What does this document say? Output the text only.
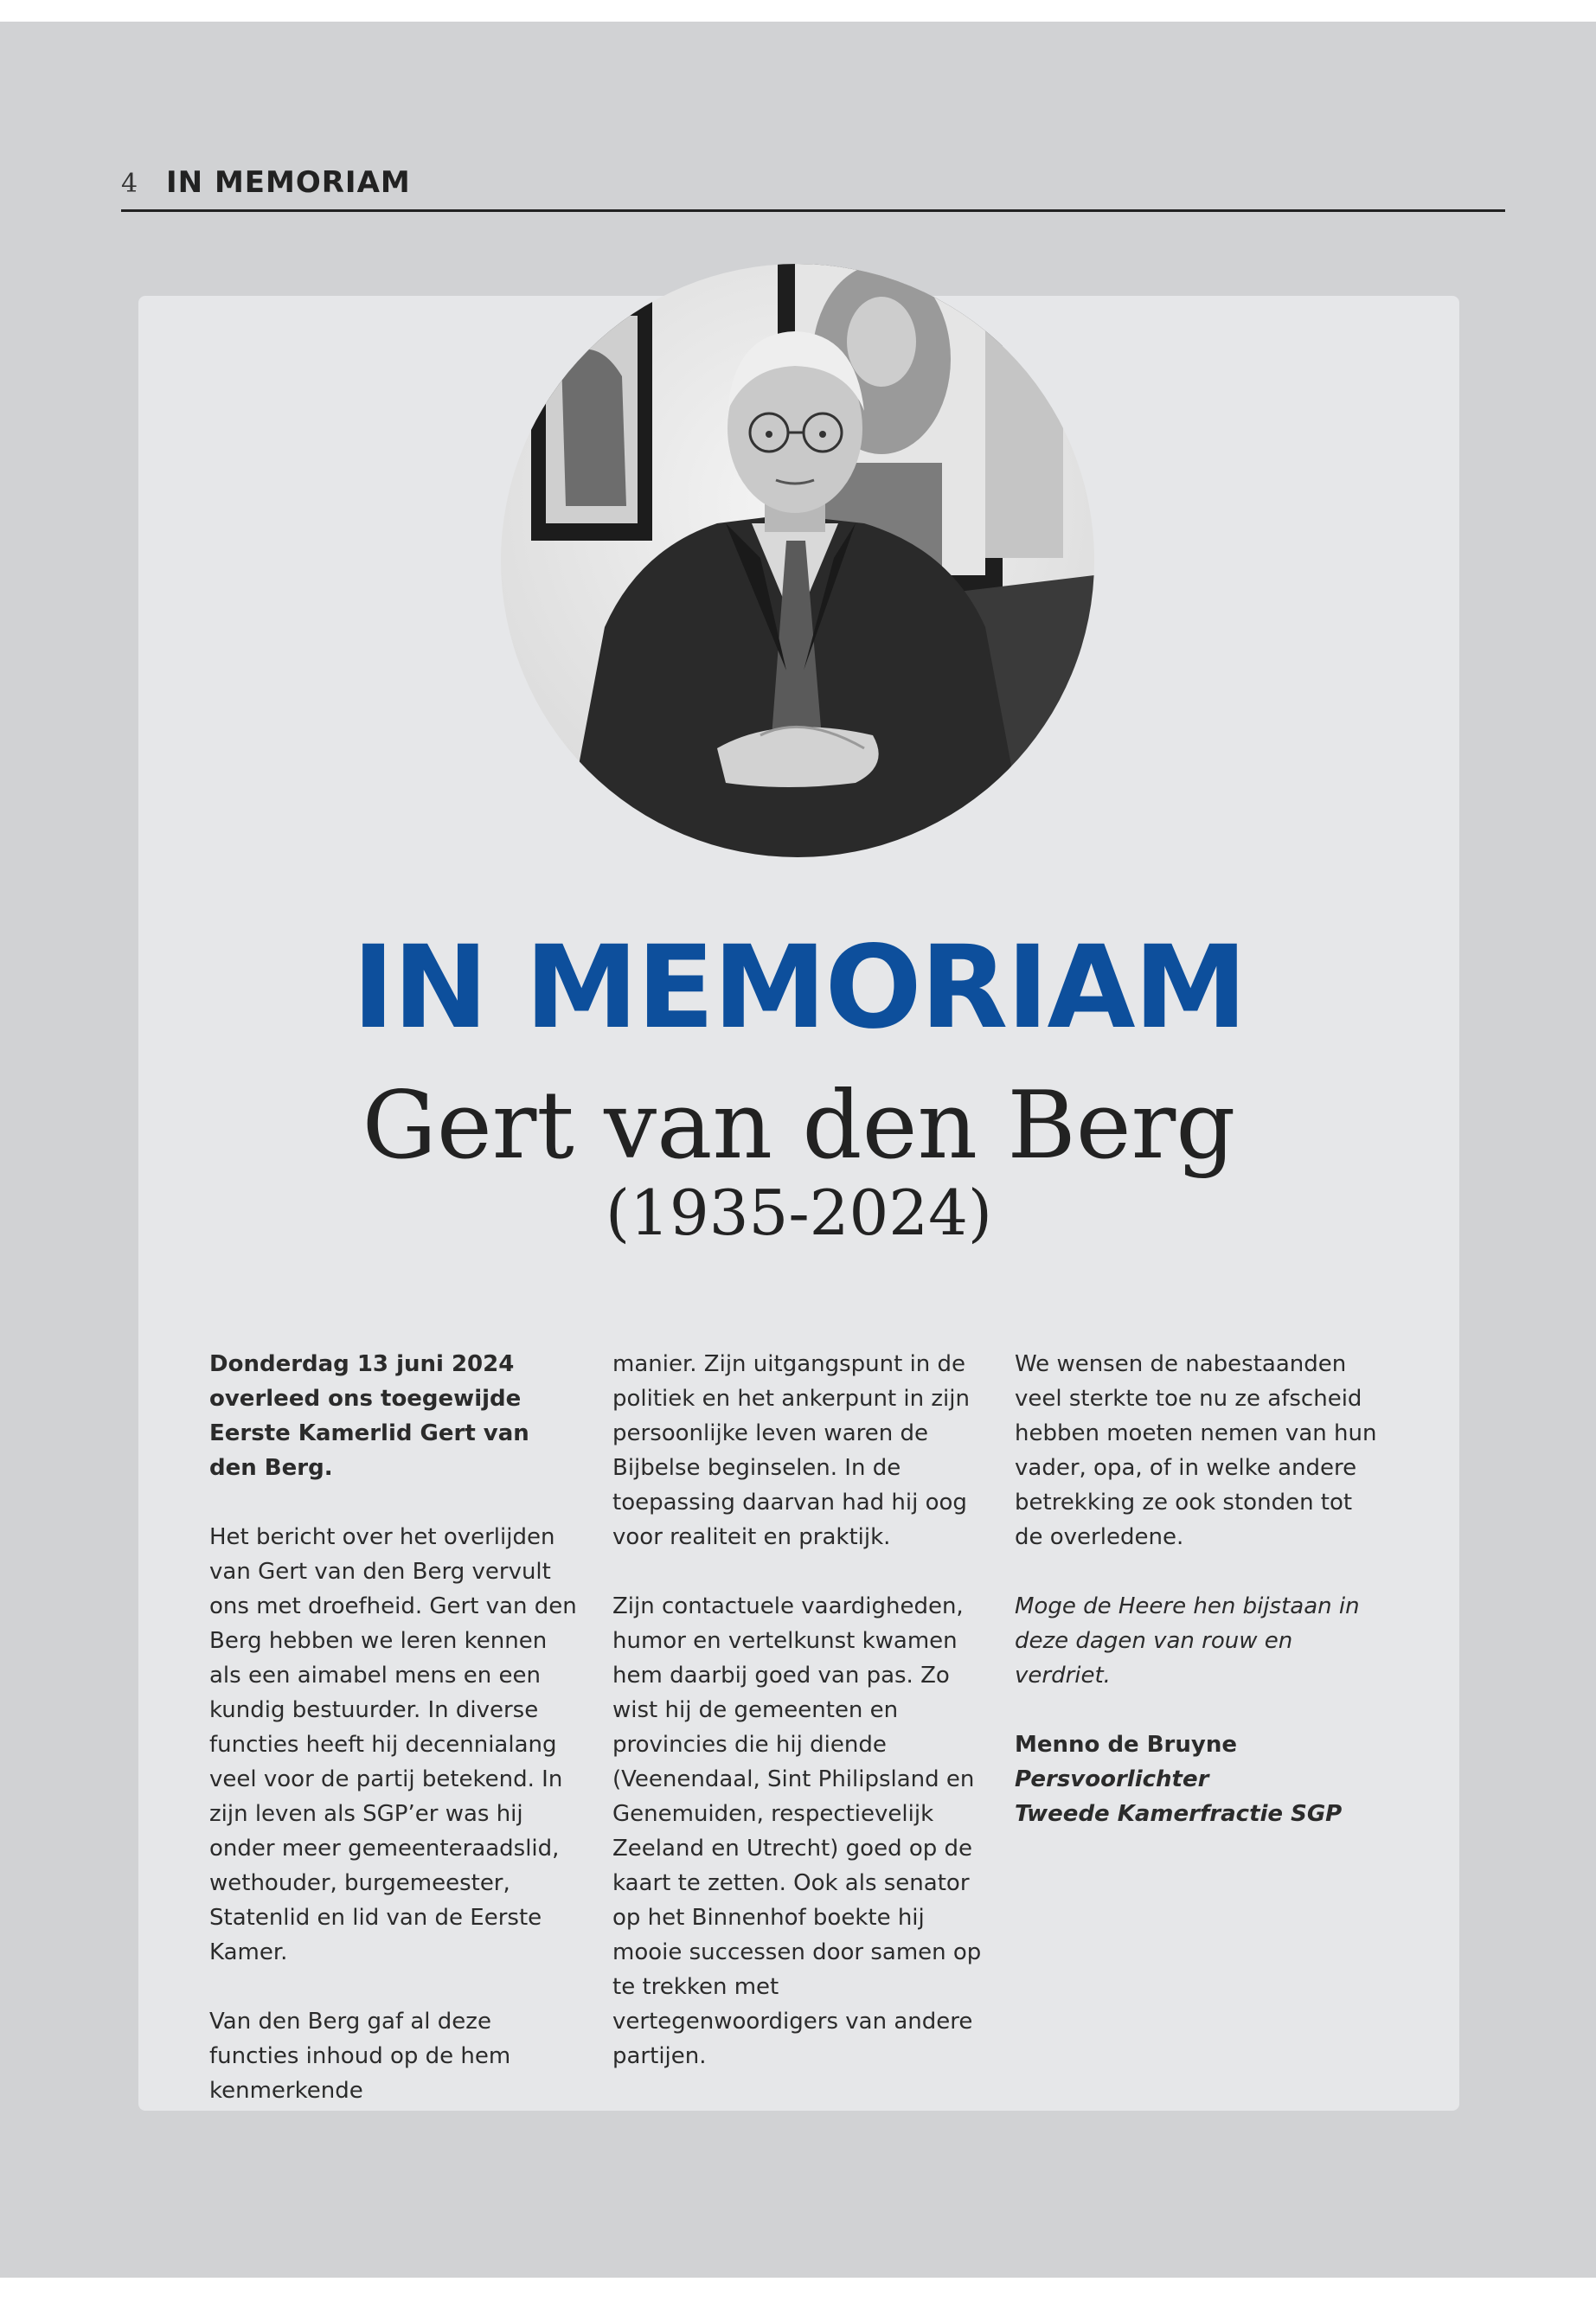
4 IN MEMORIAM
IN MEMORIAM
Gert van den Berg
(1935-2024)

Donderdag 13 juni 2024 overleed ons toegewijde Eerste Kamerlid Gert van den Berg.

Het bericht over het overlijden van Gert van den Berg vervult ons met droefheid. Gert van den Berg hebben we leren kennen als een aimabel mens en een kundig bestuurder. In diverse functies heeft hij decennialang veel voor de partij betekend. In zijn leven als SGP’er was hij onder meer gemeenteraadslid, wethouder, burgemeester, Statenlid en lid van de Eerste Kamer.

Van den Berg gaf al deze functies inhoud op de hem kenmerkende

manier. Zijn uitgangspunt in de politiek en het ankerpunt in zijn persoonlijke leven waren de Bijbelse beginselen. In de toepassing daarvan had hij oog voor realiteit en praktijk.

Zijn contactuele vaardigheden, humor en vertelkunst kwamen hem daarbij goed van pas. Zo wist hij de gemeenten en provincies die hij diende (Veenendaal, Sint Philipsland en Genemuiden, respectievelijk Zeeland en Utrecht) goed op de kaart te zetten. Ook als senator op het Binnenhof boekte hij mooie successen door samen op te trekken met vertegenwoordigers van andere partijen.

We wensen de nabestaanden veel sterkte toe nu ze afscheid hebben moeten nemen van hun vader, opa, of in welke andere betrekking ze ook stonden tot de overledene.

Moge de Heere hen bijstaan in deze dagen van rouw en verdriet.

Menno de Bruyne
Persvoorlichter
Tweede Kamerfractie SGP
